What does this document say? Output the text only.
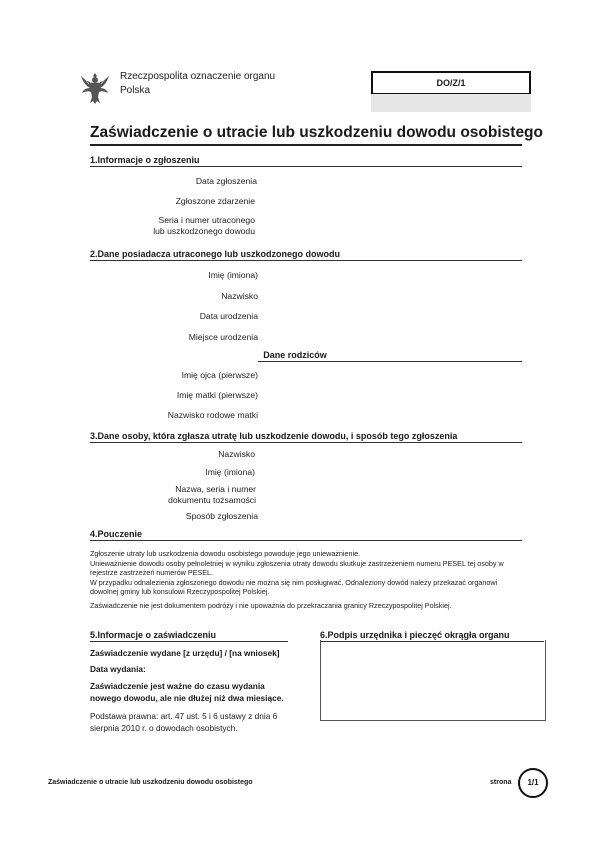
Rzeczpospolita oznaczenie organu
Polska
DO/Z/1
Zaświadczenie o utracie lub uszkodzeniu dowodu osobistego
1.Informacje o zgłoszeniu
Data zgłoszenia
Zgłoszone zdarzenie
Seria i numer utraconego
lub uszkodzonego dowodu
2.Dane posiadacza utraconego lub uszkodzonego dowodu
Imię (imiona)
Nazwisko
Data urodzenia
Miejsce urodzenia
Dane rodziców
Imię ojca (pierwsze)
Imię matki (pierwsze)
Nazwisko rodowe matki
3.Dane osoby, która zgłasza utratę lub uszkodzenie dowodu, i sposób tego zgłoszenia
Nazwisko
Imię (imiona)
Nazwa, seria i numer
dokumentu tożsamości
Sposób zgłoszenia
4.Pouczenie
Zgłoszenie utraty lub uszkodzenia dowodu osobistego powoduje jego unieważnienie.
Unieważnienie dowodu osoby pełnoletniej w wyniku zgłoszenia utraty dowodu skutkuje zastrzeżeniem numeru PESEL tej osoby w rejestrze zastrzeżeń numerów PESEL.
W przypadku odnalezienia zgłoszonego dowodu nie można się nim posługiwać. Odnaleziony dowód należy przekazać organowi dowolnej gminy lub konsulowi Rzeczypospolitej Polskiej.
Zaświadczenie nie jest dokumentem podróży i nie upoważnia do przekraczania granicy Rzeczypospolitej Polskiej.
5.Informacje o zaświadczeniu
Zaświadczenie wydane [z urzędu] / [na wniosek]
Data wydania:
Zaświadczenie jest ważne do czasu wydania nowego dowodu, ale nie dłużej niż dwa miesiące.
Podstawa prawna: art. 47 ust. 5 i 6 ustawy z dnia 6 sierpnia 2010 r. o dowodach osobistych.
6.Podpis urzędnika i pieczęć okrągła organu
Zaświadczenie o utracie lub uszkodzeniu dowodu osobistego	strona	1/1
